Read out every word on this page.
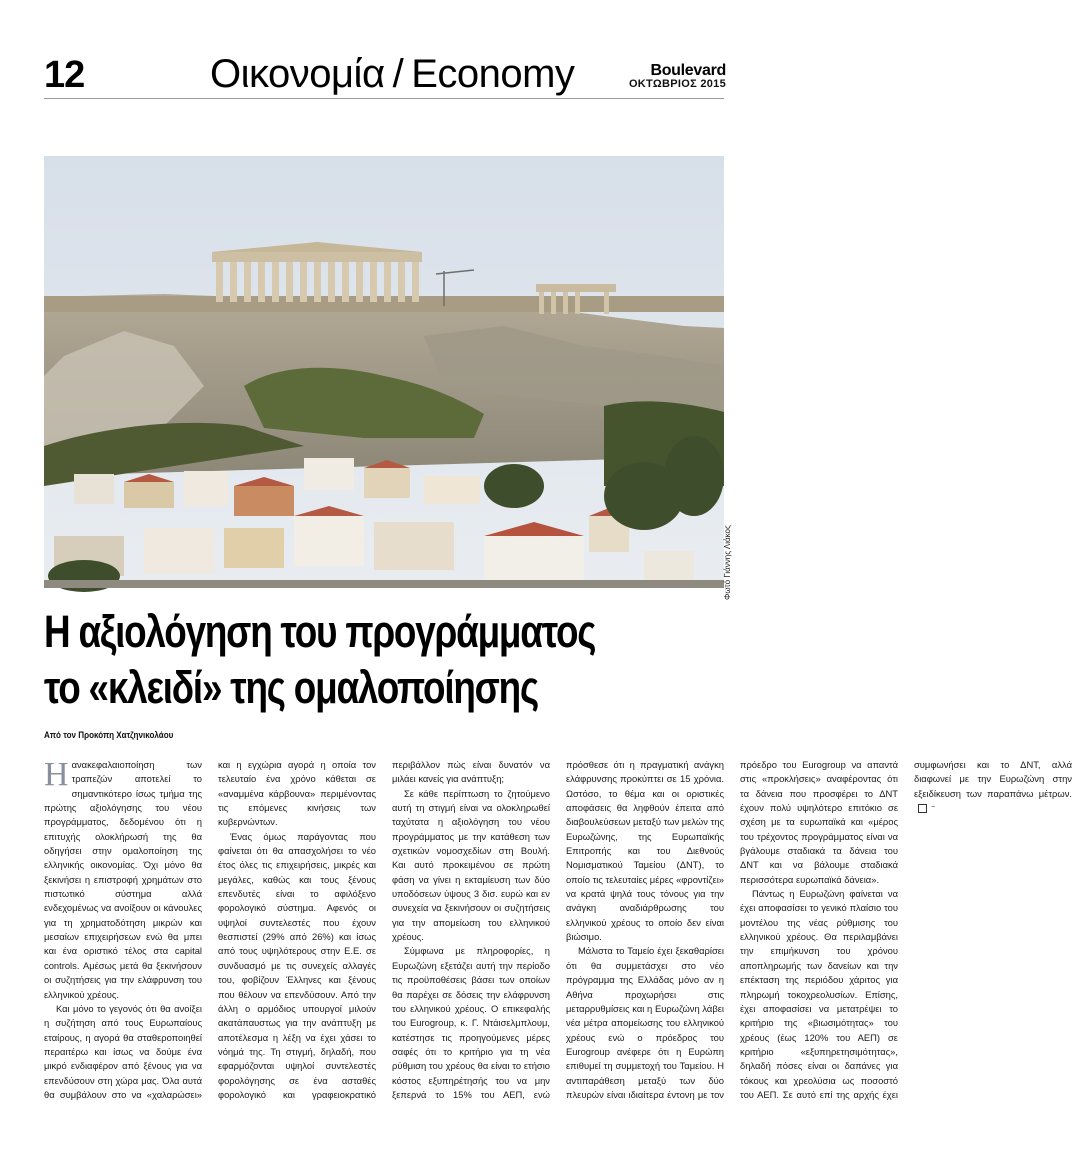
12	Οικονομία / Economy	Boulevard
ΟΚΤΩΒΡΙΟΣ 2015
Φωτό Γιάννης Λιάκος
Η αξιολόγηση του προγράμματος
το «κλειδί» της ομαλοποίησης
Από τον Προκόπη Χατζηνικολάου

Η ανακεφαλαιοποίηση των τραπεζών αποτελεί το σημαντικότερο ίσως τμήμα της πρώτης αξιολόγησης του νέου προγράμματος, δεδομένου ότι η επιτυχής ολοκλήρωσή της θα οδηγήσει στην ομαλοποίηση της ελληνικής οικονομίας. Όχι μόνο θα ξεκινήσει η επιστροφή χρημάτων στο πιστωτικό σύστημα αλλά ενδεχομένως να ανοίξουν οι κάνουλες για τη χρηματοδότηση μικρών και μεσαίων επιχειρήσεων ενώ θα μπει και ένα οριστικό τέλος στα capital controls. Αμέσως μετά θα ξεκινήσουν οι συζητήσεις για την ελάφρυνση του ελληνικού χρέους.

Και μόνο το γεγονός ότι θα ανοίξει η συζήτηση από τους Ευρωπαίους εταίρους, η αγορά θα σταθεροποιηθεί περαιτέρω και ίσως να δούμε ένα μικρό ενδιαφέρον από ξένους για να επενδύσουν στη χώρα μας. Όλα αυτά θα συμβάλουν στο να «χαλαρώσει» και η εγχώρια αγορά η οποία τον τελευταίο ένα χρόνο κάθεται σε «αναμμένα κάρβουνα» περιμένοντας τις επόμενες κινήσεις των κυβερνώντων.

Ένας όμως παράγοντας που φαίνεται ότι θα απασχολήσει το νέο έτος όλες τις επιχειρήσεις, μικρές και μεγάλες, καθώς και τους ξένους επενδυτές είναι το αφιλόξενο φορολογικό σύστημα. Αφενός οι υψηλοί συντελεστές που έχουν θεσπιστεί (29% από 26%) και ίσως από τους υψηλότερους στην Ε.Ε. σε συνδυασμό με τις συνεχείς αλλαγές του, φοβίζουν Έλληνες και ξένους που θέλουν να επενδύσουν. Από την άλλη ο αρμόδιος υπουργοί μιλούν ακατάπαυστως για την ανάπτυξη με αποτέλεσμα η λέξη να έχει χάσει το νόημά της. Τη στιγμή, δηλαδή, που εφαρμόζονται υψηλοί συντελεστές φορολόγησης σε ένα ασταθές φορολογικό και γραφειοκρατικό περιβάλλον πώς είναι δυνατόν να μιλάει κανείς για ανάπτυξη;

Σε κάθε περίπτωση το ζητούμενο αυτή τη στιγμή είναι να ολοκληρωθεί ταχύτατα η αξιολόγηση του νέου προγράμματος με την κατάθεση των σχετικών νομοσχεδίων στη Βουλή. Και αυτό προκειμένου σε πρώτη φάση να γίνει η εκταμίευση των δύο υποδόσεων ύψους 3 δισ. ευρώ και εν συνεχεία να ξεκινήσουν οι συζητήσεις για την απομείωση του ελληνικού χρέους.

Σύμφωνα με πληροφορίες, η Ευρωζώνη εξετάζει αυτή την περίοδο τις προϋποθέσεις βάσει των οποίων θα παρέχει σε δόσεις την ελάφρυνση του ελληνικού χρέους. Ο επικεφαλής του Eurogroup, κ. Γ. Ντάισελμπλουμ, κατέστησε τις προηγούμενες μέρες σαφές ότι το κριτήριο για τη νέα ρύθμιση του χρέους θα είναι το ετήσιο κόστος εξυπηρέτησής του να μην ξεπερνά το 15% του ΑΕΠ, ενώ πρόσθεσε ότι η πραγματική ανάγκη ελάφρυνσης προκύπτει σε 15 χρόνια. Ωστόσο, το θέμα και οι οριστικές αποφάσεις θα ληφθούν έπειτα από διαβουλεύσεων μεταξύ των μελών της Ευρωζώνης, της Ευρωπαϊκής Επιτροπής και του Διεθνούς Νομισματικού Ταμείου (ΔΝΤ), το οποίο τις τελευταίες μέρες «φροντίζει» να κρατά ψηλά τους τόνους για την ανάγκη αναδιάρθρωσης του ελληνικού χρέους το οποίο δεν είναι βιώσιμο.

Μάλιστα το Ταμείο έχει ξεκαθαρίσει ότι θα συμμετάσχει στο νέο πρόγραμμα της Ελλάδας μόνο αν η Αθήνα προχωρήσει στις μεταρρυθμίσεις και η Ευρωζώνη λάβει νέα μέτρα απομείωσης του ελληνικού χρέους ενώ ο πρόεδρος του Eurogroup ανέφερε ότι η Ευρώπη επιθυμεί τη συμμετοχή του Ταμείου. Η αντιπαράθεση μεταξύ των δύο πλευρών είναι ιδιαίτερα έντονη με τον πρόεδρο του Eurogroup να απαντά στις «προκλήσεις» αναφέροντας ότι τα δάνεια που προσφέρει το ΔΝΤ έχουν πολύ υψηλότερο επιτόκιο σε σχέση με τα ευρωπαϊκά και «μέρος του τρέχοντος προγράμματος είναι να βγάλουμε σταδιακά τα δάνεια του ΔΝΤ και να βάλουμε σταδιακά περισσότερα ευρωπαϊκά δάνεια».

Πάντως η Ευρωζώνη φαίνεται να έχει αποφασίσει το γενικό πλαίσιο του μοντέλου της νέας ρύθμισης του ελληνικού χρέους. Θα περιλαμβάνει την επιμήκυνση του χρόνου αποπληρωμής των δανείων και την επέκταση της περιόδου χάριτος για πληρωμή τοκοχρεολυσίων. Επίσης, έχει αποφασίσει να μετατρέψει το κριτήριο της «βιωσιμότητας» του χρέους (έως 120% του ΑΕΠ) σε κριτήριο «εξυπηρετησιμότητας», δηλαδή πόσες είναι οι δαπάνες για τόκους και χρεολύσια ως ποσοστό του ΑΕΠ. Σε αυτό επί της αρχής έχει συμφωνήσει και το ΔΝΤ, αλλά διαφωνεί με την Ευρωζώνη στην εξειδίκευση των παραπάνω μέτρων.−
